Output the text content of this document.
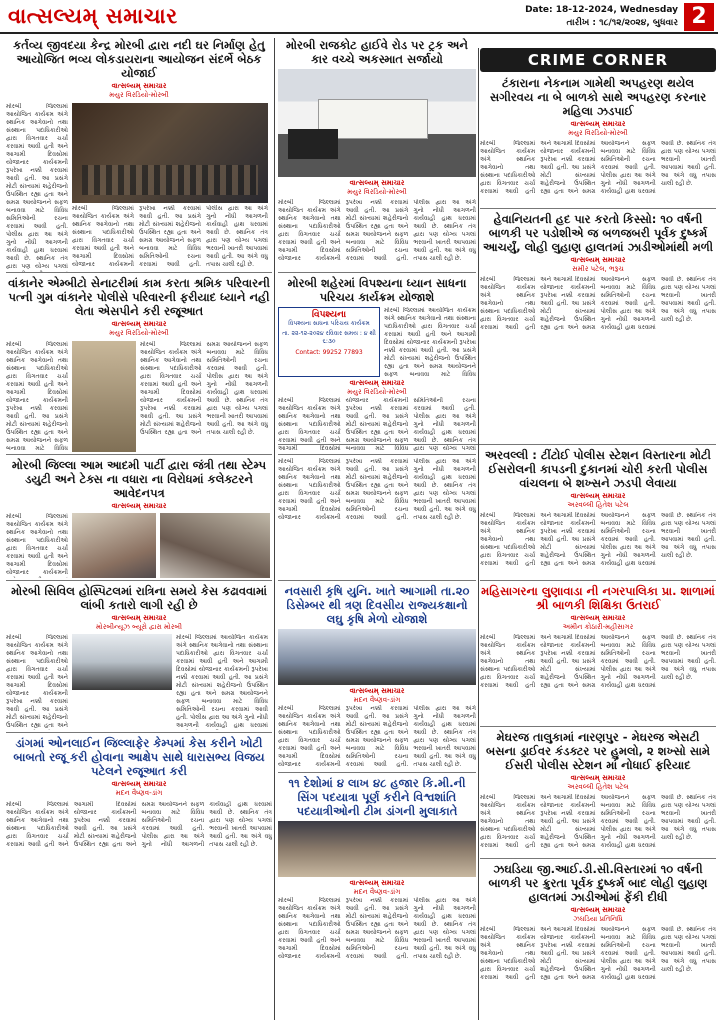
વાત્સલ્યમ્ સમાચાર	Date: 18-12-2024, Wednesday
તારીખ : ૧૮/૧૨/૨૦૨૪, બુધવાર 2
કર્તવ્ય જીવદયા કેન્દ્ર મોરબી દ્વારા નદી ઘર નિર્માણ હેતુ આયોજિત ભવ્ય લોકડાયરાના આયોજન સંદર્ભે બેઠક યોજાઈ
વાત્સલ્યમ્ સમાચાર
મયુર વિરડિયો-મોરબી
મોરબી જિલ્લામાં આયોજિત કાર્યક્રમ અંગે સ્થાનિક આગેવાનો તથા સંસ્થાના પદાધિકારીઓ દ્વારા વિગતવાર ચર્ચા કરવામાં આવી હતી અને આગામી દિવસોમાં યોજાનાર કાર્યક્રમની રૂપરેખા નક્કી કરવામાં આવી હતી. આ પ્રસંગે મોટી સંખ્યામાં શહેરીજનો ઉપસ્થિત રહ્યા હતા અને સમગ્ર આયોજનને સફળ બનાવવા માટે વિવિધ સમિતિઓની રચના કરવામાં આવી હતી. પોલીસ દ્વારા આ અંગે ગુનો નોંધી આગળની કાર્યવાહી હાથ ધરવામાં આવી છે. સ્થાનિક તંત્ર દ્વારા પણ યોગ્ય પગલાં
મોરબી જિલ્લામાં આયોજિત કાર્યક્રમ અંગે સ્થાનિક આગેવાનો તથા સંસ્થાના પદાધિકારીઓ દ્વારા વિગતવાર ચર્ચા કરવામાં આવી હતી અને આગામી દિવસોમાં યોજાનાર કાર્યક્રમની રૂપરેખા નક્કી કરવામાં આવી હતી. આ પ્રસંગે મોટી સંખ્યામાં શહેરીજનો ઉપસ્થિત રહ્યા હતા અને સમગ્ર આયોજનને સફળ બનાવવા માટે વિવિધ સમિતિઓની રચના કરવામાં આવી હતી. પોલીસ દ્વારા આ અંગે ગુનો નોંધી આગળની કાર્યવાહી હાથ ધરવામાં આવી છે. સ્થાનિક તંત્ર દ્વારા પણ યોગ્ય પગલાં ભરવાની ખાતરી આપવામાં આવી હતી. આ અંગે વધુ તપાસ ચાલી રહી છે.
વાંકાનેર એમ્બીટો સેનાટરીમાં કામ કરતા શ્રમિક પરિવારની પત્ની ગુમ વાંકાનેર પોલીસે પરિવારની ફરીયાદ ધ્યાને નહી લેતા એસપીને કરી રજૂઆત
વાત્સલ્યમ્ સમાચાર
મયુર વિરડિયો-મોરબી
મોરબી જિલ્લામાં આયોજિત કાર્યક્રમ અંગે સ્થાનિક આગેવાનો તથા સંસ્થાના પદાધિકારીઓ દ્વારા વિગતવાર ચર્ચા કરવામાં આવી હતી અને આગામી દિવસોમાં યોજાનાર કાર્યક્રમની રૂપરેખા નક્કી કરવામાં આવી હતી. આ પ્રસંગે મોટી સંખ્યામાં શહેરીજનો ઉપસ્થિત રહ્યા હતા અને સમગ્ર આયોજનને સફળ બનાવવા માટે વિવિધ
મોરબી જિલ્લામાં આયોજિત કાર્યક્રમ અંગે સ્થાનિક આગેવાનો તથા સંસ્થાના પદાધિકારીઓ દ્વારા વિગતવાર ચર્ચા કરવામાં આવી હતી અને આગામી દિવસોમાં યોજાનાર કાર્યક્રમની રૂપરેખા નક્કી કરવામાં આવી હતી. આ પ્રસંગે મોટી સંખ્યામાં શહેરીજનો ઉપસ્થિત રહ્યા હતા અને સમગ્ર આયોજનને સફળ બનાવવા માટે વિવિધ સમિતિઓની રચના કરવામાં આવી હતી. પોલીસ દ્વારા આ અંગે ગુનો નોંધી આગળની કાર્યવાહી હાથ ધરવામાં આવી છે. સ્થાનિક તંત્ર દ્વારા પણ યોગ્ય પગલાં ભરવાની ખાતરી આપવામાં આવી હતી. આ અંગે વધુ તપાસ ચાલી રહી છે.
મોરબી જિલ્લા આમ આદમી પાર્ટી દ્વારા જંત્રી તથા સ્ટેમ્પ ડયુટી અને ટેક્સ ના વધારા ના વિરોધમાં કલેક્ટરને આવેદનપત્ર
વાત્સલ્યમ્ સમાચાર
મોરબી જિલ્લામાં આયોજિત કાર્યક્રમ અંગે સ્થાનિક આગેવાનો તથા સંસ્થાના પદાધિકારીઓ દ્વારા વિગતવાર ચર્ચા કરવામાં આવી હતી અને આગામી દિવસોમાં યોજાનાર કાર્યક્રમની
મોરબી સિવિલ હોસ્પિટલમાં રાત્રિના સમયે કેસ કઢાવવામાં લાંબી કતારો લાગી રહી છે
વાત્સલ્યમ્ સમાચાર
મોરબીન્યૂઝ બ્યૂરો દ્વારા મોરબી
મોરબી જિલ્લામાં આયોજિત કાર્યક્રમ અંગે સ્થાનિક આગેવાનો તથા સંસ્થાના પદાધિકારીઓ દ્વારા વિગતવાર ચર્ચા કરવામાં આવી હતી અને આગામી દિવસોમાં યોજાનાર કાર્યક્રમની રૂપરેખા નક્કી કરવામાં આવી હતી. આ પ્રસંગે મોટી સંખ્યામાં શહેરીજનો ઉપસ્થિત રહ્યા હતા અને
મોરબી જિલ્લામાં આયોજિત કાર્યક્રમ અંગે સ્થાનિક આગેવાનો તથા સંસ્થાના પદાધિકારીઓ દ્વારા વિગતવાર ચર્ચા કરવામાં આવી હતી અને આગામી દિવસોમાં યોજાનાર કાર્યક્રમની રૂપરેખા નક્કી કરવામાં આવી હતી. આ પ્રસંગે મોટી સંખ્યામાં શહેરીજનો ઉપસ્થિત રહ્યા હતા અને સમગ્ર આયોજનને સફળ બનાવવા માટે વિવિધ સમિતિઓની રચના કરવામાં આવી હતી. પોલીસ દ્વારા આ અંગે ગુનો નોંધી આગળની કાર્યવાહી હાથ ધરવામાં
ડાંગમાં ઓનલાઈન જિલ્લાફેર કેમ્પમાં કેસ કરીને ખોટી બાબતો રજૂ કરી હોવાના આક્ષેપ સાથે ધારાસભ્ય વિજય પટેલને રજૂઆત કરી
વાત્સલ્યમ્ સમાચાર
મદન વૈષ્ણવ-ડાંગ
મોરબી જિલ્લામાં આયોજિત કાર્યક્રમ અંગે સ્થાનિક આગેવાનો તથા સંસ્થાના પદાધિકારીઓ દ્વારા વિગતવાર ચર્ચા કરવામાં આવી હતી અને આગામી દિવસોમાં યોજાનાર કાર્યક્રમની રૂપરેખા નક્કી કરવામાં આવી હતી. આ પ્રસંગે મોટી સંખ્યામાં શહેરીજનો ઉપસ્થિત રહ્યા હતા અને સમગ્ર આયોજનને સફળ બનાવવા માટે વિવિધ સમિતિઓની રચના કરવામાં આવી હતી. પોલીસ દ્વારા આ અંગે ગુનો નોંધી આગળની કાર્યવાહી હાથ ધરવામાં આવી છે. સ્થાનિક તંત્ર દ્વારા પણ યોગ્ય પગલાં ભરવાની ખાતરી આપવામાં આવી હતી. આ અંગે વધુ તપાસ ચાલી રહી છે.
મોરબી રાજકોટ હાઈવે રોડ પર ટ્રક અને કાર વચ્ચે અકસ્માત સર્જાયો
વાત્સલ્યમ્ સમાચાર
મયુર વિરડિયો-મોરબી
મોરબી જિલ્લામાં આયોજિત કાર્યક્રમ અંગે સ્થાનિક આગેવાનો તથા સંસ્થાના પદાધિકારીઓ દ્વારા વિગતવાર ચર્ચા કરવામાં આવી હતી અને આગામી દિવસોમાં યોજાનાર કાર્યક્રમની રૂપરેખા નક્કી કરવામાં આવી હતી. આ પ્રસંગે મોટી સંખ્યામાં શહેરીજનો ઉપસ્થિત રહ્યા હતા અને સમગ્ર આયોજનને સફળ બનાવવા માટે વિવિધ સમિતિઓની રચના કરવામાં આવી હતી. પોલીસ દ્વારા આ અંગે ગુનો નોંધી આગળની કાર્યવાહી હાથ ધરવામાં આવી છે. સ્થાનિક તંત્ર દ્વારા પણ યોગ્ય પગલાં ભરવાની ખાતરી આપવામાં આવી હતી. આ અંગે વધુ તપાસ ચાલી રહી છે.
મોરબી શહેરમાં વિપશ્યના ધ્યાન સાધના પરિચય કાર્યક્રમ યોજાશે
વિપશ્યના
વિપશ્યના સાધના પરિચય કાર્યક્રમ
તા. ૨૨-૧૨-૨૦૨૪ રવિવાર સમય : ૪ થી ૬:૩૦
Contact: 99252 77893
મોરબી જિલ્લામાં આયોજિત કાર્યક્રમ અંગે સ્થાનિક આગેવાનો તથા સંસ્થાના પદાધિકારીઓ દ્વારા વિગતવાર ચર્ચા કરવામાં આવી હતી અને આગામી દિવસોમાં યોજાનાર કાર્યક્રમની રૂપરેખા નક્કી કરવામાં આવી હતી. આ પ્રસંગે મોટી સંખ્યામાં શહેરીજનો ઉપસ્થિત રહ્યા હતા અને સમગ્ર આયોજનને સફળ બનાવવા માટે વિવિધ
વાત્સલ્યમ્ સમાચાર
મયુર વિરડિયો-મોરબી
મોરબી જિલ્લામાં આયોજિત કાર્યક્રમ અંગે સ્થાનિક આગેવાનો તથા સંસ્થાના પદાધિકારીઓ દ્વારા વિગતવાર ચર્ચા કરવામાં આવી હતી અને આગામી દિવસોમાં યોજાનાર કાર્યક્રમની રૂપરેખા નક્કી કરવામાં આવી હતી. આ પ્રસંગે મોટી સંખ્યામાં શહેરીજનો ઉપસ્થિત રહ્યા હતા અને સમગ્ર આયોજનને સફળ બનાવવા માટે વિવિધ સમિતિઓની રચના કરવામાં આવી હતી. પોલીસ દ્વારા આ અંગે ગુનો નોંધી આગળની કાર્યવાહી હાથ ધરવામાં આવી છે. સ્થાનિક તંત્ર દ્વારા પણ યોગ્ય પગલાં
મોરબી જિલ્લામાં આયોજિત કાર્યક્રમ અંગે સ્થાનિક આગેવાનો તથા સંસ્થાના પદાધિકારીઓ દ્વારા વિગતવાર ચર્ચા કરવામાં આવી હતી અને આગામી દિવસોમાં યોજાનાર કાર્યક્રમની રૂપરેખા નક્કી કરવામાં આવી હતી. આ પ્રસંગે મોટી સંખ્યામાં શહેરીજનો ઉપસ્થિત રહ્યા હતા અને સમગ્ર આયોજનને સફળ બનાવવા માટે વિવિધ સમિતિઓની રચના કરવામાં આવી હતી. પોલીસ દ્વારા આ અંગે ગુનો નોંધી આગળની કાર્યવાહી હાથ ધરવામાં આવી છે. સ્થાનિક તંત્ર દ્વારા પણ યોગ્ય પગલાં ભરવાની ખાતરી આપવામાં આવી હતી. આ અંગે વધુ તપાસ ચાલી રહી છે.
CRIME CORNER
ટંકારાના નેકનામ ગામેથી અપહરણ થયેલ સગીરવય ના બે બાળકો સાથે અપહરણ કરનાર મહિલા ઝડપાઈ
વાત્સલ્યમ્ સમાચાર
મયુર વિરડિયો-મોરબી
મોરબી જિલ્લામાં આયોજિત કાર્યક્રમ અંગે સ્થાનિક આગેવાનો તથા સંસ્થાના પદાધિકારીઓ દ્વારા વિગતવાર ચર્ચા કરવામાં આવી હતી અને આગામી દિવસોમાં યોજાનાર કાર્યક્રમની રૂપરેખા નક્કી કરવામાં આવી હતી. આ પ્રસંગે મોટી સંખ્યામાં શહેરીજનો ઉપસ્થિત રહ્યા હતા અને સમગ્ર આયોજનને સફળ બનાવવા માટે વિવિધ સમિતિઓની રચના કરવામાં આવી હતી. પોલીસ દ્વારા આ અંગે ગુનો નોંધી આગળની કાર્યવાહી હાથ ધરવામાં આવી છે. સ્થાનિક તંત્ર દ્વારા પણ યોગ્ય પગલાં ભરવાની ખાતરી આપવામાં આવી હતી. આ અંગે વધુ તપાસ ચાલી રહી છે.
હેવાનિયતની હદ પાર કરતો કિસ્સો: ૧૦ વર્ષની બાળકી પર પડોશીએ જ બળજબરી પૂર્વક દુષ્કર્મ આચર્યું, લોહી લુહાણ હાલતમાં ઝાડીઓમાંથી મળી
વાત્સલ્યમ્ સમાચાર
સમીર પટેલ, ભરૂચ
મોરબી જિલ્લામાં આયોજિત કાર્યક્રમ અંગે સ્થાનિક આગેવાનો તથા સંસ્થાના પદાધિકારીઓ દ્વારા વિગતવાર ચર્ચા કરવામાં આવી હતી અને આગામી દિવસોમાં યોજાનાર કાર્યક્રમની રૂપરેખા નક્કી કરવામાં આવી હતી. આ પ્રસંગે મોટી સંખ્યામાં શહેરીજનો ઉપસ્થિત રહ્યા હતા અને સમગ્ર આયોજનને સફળ બનાવવા માટે વિવિધ સમિતિઓની રચના કરવામાં આવી હતી. પોલીસ દ્વારા આ અંગે ગુનો નોંધી આગળની કાર્યવાહી હાથ ધરવામાં આવી છે. સ્થાનિક તંત્ર દ્વારા પણ યોગ્ય પગલાં ભરવાની ખાતરી આપવામાં આવી હતી. આ અંગે વધુ તપાસ ચાલી રહી છે.
અરવલ્લી : ટીંટોઈ પોલીસ સ્ટેશન વિસ્તારના મોટી ઈસરોલની કાપડની દુકાનમાં ચોરી કરતી પોલીસ વાંચલના બે શખ્સને ઝડપી લેવાયા
વાત્સલ્યમ્ સમાચાર
અરવલ્લી હિતેશ પટેલ
મોરબી જિલ્લામાં આયોજિત કાર્યક્રમ અંગે સ્થાનિક આગેવાનો તથા સંસ્થાના પદાધિકારીઓ દ્વારા વિગતવાર ચર્ચા કરવામાં આવી હતી અને આગામી દિવસોમાં યોજાનાર કાર્યક્રમની રૂપરેખા નક્કી કરવામાં આવી હતી. આ પ્રસંગે મોટી સંખ્યામાં શહેરીજનો ઉપસ્થિત રહ્યા હતા અને સમગ્ર આયોજનને સફળ બનાવવા માટે વિવિધ સમિતિઓની રચના કરવામાં આવી હતી. પોલીસ દ્વારા આ અંગે ગુનો નોંધી આગળની કાર્યવાહી હાથ ધરવામાં આવી છે. સ્થાનિક તંત્ર દ્વારા પણ યોગ્ય પગલાં ભરવાની ખાતરી આપવામાં આવી હતી. આ અંગે વધુ તપાસ ચાલી રહી છે.
નવસારી કૃષિ યુનિ. ખાતે આગામી તા.૨૦ ડિસેમ્બર થી ત્રણ દિવસીય રાજ્યકક્ષાનો લઘુ કૃષિ મેળો યોજાશે
વાત્સલ્યમ્ સમાચાર
મદન વૈષ્ણવ-ડાંગ
મોરબી જિલ્લામાં આયોજિત કાર્યક્રમ અંગે સ્થાનિક આગેવાનો તથા સંસ્થાના પદાધિકારીઓ દ્વારા વિગતવાર ચર્ચા કરવામાં આવી હતી અને આગામી દિવસોમાં યોજાનાર કાર્યક્રમની રૂપરેખા નક્કી કરવામાં આવી હતી. આ પ્રસંગે મોટી સંખ્યામાં શહેરીજનો ઉપસ્થિત રહ્યા હતા અને સમગ્ર આયોજનને સફળ બનાવવા માટે વિવિધ સમિતિઓની રચના કરવામાં આવી હતી. પોલીસ દ્વારા આ અંગે ગુનો નોંધી આગળની કાર્યવાહી હાથ ધરવામાં આવી છે. સ્થાનિક તંત્ર દ્વારા પણ યોગ્ય પગલાં ભરવાની ખાતરી આપવામાં આવી હતી. આ અંગે વધુ તપાસ ચાલી રહી છે.
૧૧ દેશોમાં ૪ લાખ ૪૮ હજાર કિ.મી.ની સિંગ પદયાત્રા પૂર્ણ કરીને વિશ્વશાંતિ પદયાત્રીઓની ટીમ ડાંગની મુલાકાતે
વાત્સલ્યમ્ સમાચાર
મદન વૈષ્ણવ-ડાંગ
મોરબી જિલ્લામાં આયોજિત કાર્યક્રમ અંગે સ્થાનિક આગેવાનો તથા સંસ્થાના પદાધિકારીઓ દ્વારા વિગતવાર ચર્ચા કરવામાં આવી હતી અને આગામી દિવસોમાં યોજાનાર કાર્યક્રમની રૂપરેખા નક્કી કરવામાં આવી હતી. આ પ્રસંગે મોટી સંખ્યામાં શહેરીજનો ઉપસ્થિત રહ્યા હતા અને સમગ્ર આયોજનને સફળ બનાવવા માટે વિવિધ સમિતિઓની રચના કરવામાં આવી હતી. પોલીસ દ્વારા આ અંગે ગુનો નોંધી આગળની કાર્યવાહી હાથ ધરવામાં આવી છે. સ્થાનિક તંત્ર દ્વારા પણ યોગ્ય પગલાં ભરવાની ખાતરી આપવામાં આવી હતી. આ અંગે વધુ તપાસ ચાલી રહી છે.
મહિસાગરના લુણાવાડા ની નગરપાલિકા પ્રા. શાળામાં શ્રી બાળકી શિક્ષિકા ઉતરાઈ
વાત્સલ્યમ્ સમાચાર
અમીન કોઠારી-મહીસાગર
મોરબી જિલ્લામાં આયોજિત કાર્યક્રમ અંગે સ્થાનિક આગેવાનો તથા સંસ્થાના પદાધિકારીઓ દ્વારા વિગતવાર ચર્ચા કરવામાં આવી હતી અને આગામી દિવસોમાં યોજાનાર કાર્યક્રમની રૂપરેખા નક્કી કરવામાં આવી હતી. આ પ્રસંગે મોટી સંખ્યામાં શહેરીજનો ઉપસ્થિત રહ્યા હતા અને સમગ્ર આયોજનને સફળ બનાવવા માટે વિવિધ સમિતિઓની રચના કરવામાં આવી હતી. પોલીસ દ્વારા આ અંગે ગુનો નોંધી આગળની કાર્યવાહી હાથ ધરવામાં આવી છે. સ્થાનિક તંત્ર દ્વારા પણ યોગ્ય પગલાં ભરવાની ખાતરી આપવામાં આવી હતી. આ અંગે વધુ તપાસ ચાલી રહી છે.
મેઘરજ તાલુકામાં નારણપુર - મેઘરજ એસટી બસના ડ્રાઈવર કંડક્ટર પર હુમલો, ૨ શખ્સો સામે ઈસરી પોલીસ સ્ટેશન માં નોધાઈ ફરિયાદ
વાત્સલ્યમ્ સમાચાર
અરવલ્લી હિતેશ પટેલ
મોરબી જિલ્લામાં આયોજિત કાર્યક્રમ અંગે સ્થાનિક આગેવાનો તથા સંસ્થાના પદાધિકારીઓ દ્વારા વિગતવાર ચર્ચા કરવામાં આવી હતી અને આગામી દિવસોમાં યોજાનાર કાર્યક્રમની રૂપરેખા નક્કી કરવામાં આવી હતી. આ પ્રસંગે મોટી સંખ્યામાં શહેરીજનો ઉપસ્થિત રહ્યા હતા અને સમગ્ર આયોજનને સફળ બનાવવા માટે વિવિધ સમિતિઓની રચના કરવામાં આવી હતી. પોલીસ દ્વારા આ અંગે ગુનો નોંધી આગળની કાર્યવાહી હાથ ધરવામાં આવી છે. સ્થાનિક તંત્ર દ્વારા પણ યોગ્ય પગલાં ભરવાની ખાતરી આપવામાં આવી હતી. આ અંગે વધુ તપાસ ચાલી રહી છે.
ઝઘડિયા જી.આઈ.ડી.સી.વિસ્તારમાં ૧૦ વર્ષની બાળકી પર ક્રુરતા પૂર્વક દુષ્કર્મ બાદ લોહી લુહાણ હાલતમાં ઝાડીઓમાં ફેંકી દીધી
વાત્સલ્યમ્ સમાચાર
ઝઘડિયા પ્રતિનિધિ
મોરબી જિલ્લામાં આયોજિત કાર્યક્રમ અંગે સ્થાનિક આગેવાનો તથા સંસ્થાના પદાધિકારીઓ દ્વારા વિગતવાર ચર્ચા કરવામાં આવી હતી અને આગામી દિવસોમાં યોજાનાર કાર્યક્રમની રૂપરેખા નક્કી કરવામાં આવી હતી. આ પ્રસંગે મોટી સંખ્યામાં શહેરીજનો ઉપસ્થિત રહ્યા હતા અને સમગ્ર આયોજનને સફળ બનાવવા માટે વિવિધ સમિતિઓની રચના કરવામાં આવી હતી. પોલીસ દ્વારા આ અંગે ગુનો નોંધી આગળની કાર્યવાહી હાથ ધરવામાં આવી છે. સ્થાનિક તંત્ર દ્વારા પણ યોગ્ય પગલાં ભરવાની ખાતરી આપવામાં આવી હતી. આ અંગે વધુ તપાસ ચાલી રહી છે.
